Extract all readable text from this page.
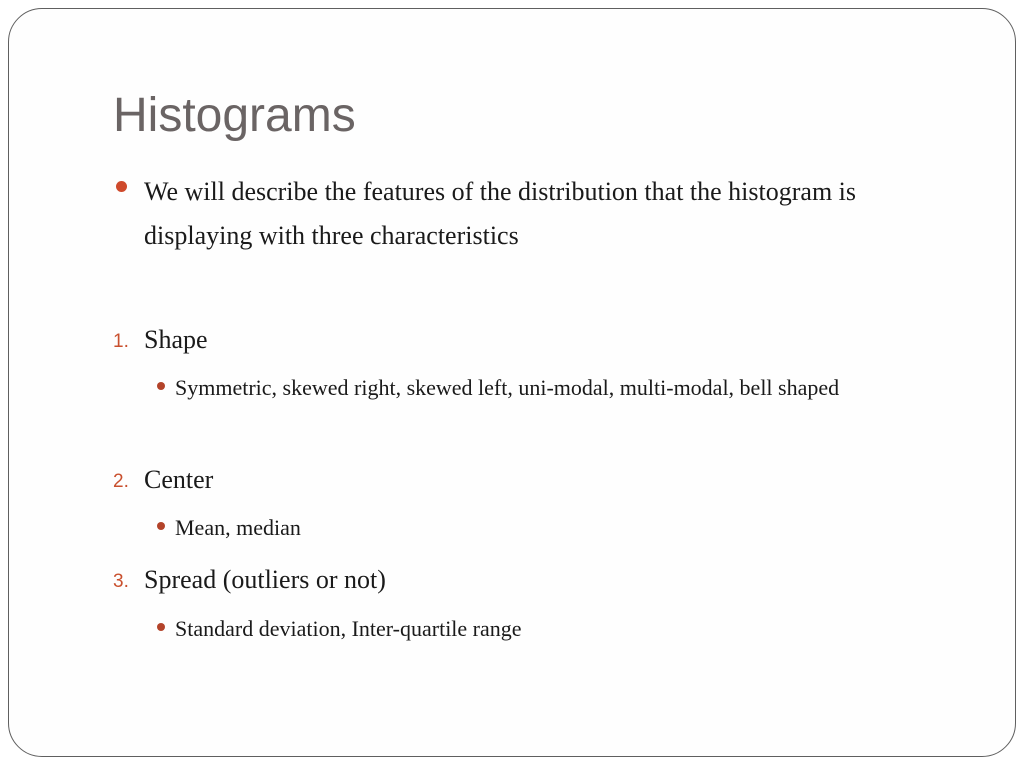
Histograms
We will describe the features of the distribution that the histogram is displaying with three characteristics
1. Shape
Symmetric, skewed right, skewed left, uni-modal, multi-modal, bell shaped
2. Center
Mean, median
3. Spread (outliers or not)
Standard deviation, Inter-quartile range
